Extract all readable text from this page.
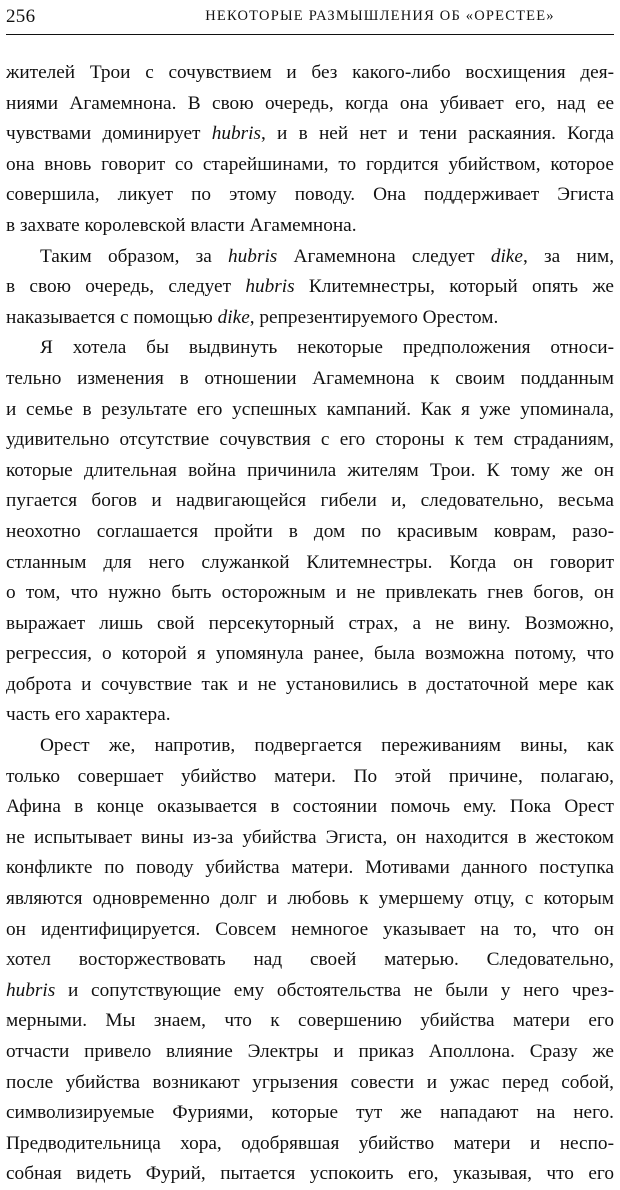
256	НЕКОТОРЫЕ РАЗМЫШЛЕНИЯ ОБ «ОРЕСТЕЕ»
жителей Трои с сочувствием и без какого-либо восхищения дея-
ниями Агамемнона. В свою очередь, когда она убивает его, над ее
чувствами доминирует hubris, и в ней нет и тени раскаяния. Когда
она вновь говорит со старейшинами, то гордится убийством, которое
совершила, ликует по этому поводу. Она поддерживает Эгиста
в захвате королевской власти Агамемнона.
Таким образом, за hubris Агамемнона следует dike, за ним,
в свою очередь, следует hubris Клитемнестры, который опять же
наказывается с помощью dike, репрезентируемого Орестом.
Я хотела бы выдвинуть некоторые предположения относи-
тельно изменения в отношении Агамемнона к своим подданным
и семье в результате его успешных кампаний. Как я уже упоминала,
удивительно отсутствие сочувствия с его стороны к тем страданиям,
которые длительная война причинила жителям Трои. К тому же он
пугается богов и надвигающейся гибели и, следовательно, весьма
неохотно соглашается пройти в дом по красивым коврам, разо-
стланным для него служанкой Клитемнестры. Когда он говорит
о том, что нужно быть осторожным и не привлекать гнев богов, он
выражает лишь свой персекуторный страх, а не вину. Возможно,
регрессия, о которой я упомянула ранее, была возможна потому, что
доброта и сочувствие так и не установились в достаточной мере как
часть его характера.
Орест же, напротив, подвергается переживаниям вины, как
только совершает убийство матери. По этой причине, полагаю,
Афина в конце оказывается в состоянии помочь ему. Пока Орест
не испытывает вины из-за убийства Эгиста, он находится в жестоком
конфликте по поводу убийства матери. Мотивами данного поступка
являются одновременно долг и любовь к умершему отцу, с которым
он идентифицируется. Совсем немногое указывает на то, что он
хотел восторжествовать над своей матерью. Следовательно,
hubris и сопутствующие ему обстоятельства не были у него чрез-
мерными. Мы знаем, что к совершению убийства матери его
отчасти привело влияние Электры и приказ Аполлона. Сразу же
после убийства возникают угрызения совести и ужас перед собой,
символизируемые Фуриями, которые тут же нападают на него.
Предводительница хора, одобрявшая убийство матери и неспо-
собная видеть Фурий, пытается успокоить его, указывая, что его
